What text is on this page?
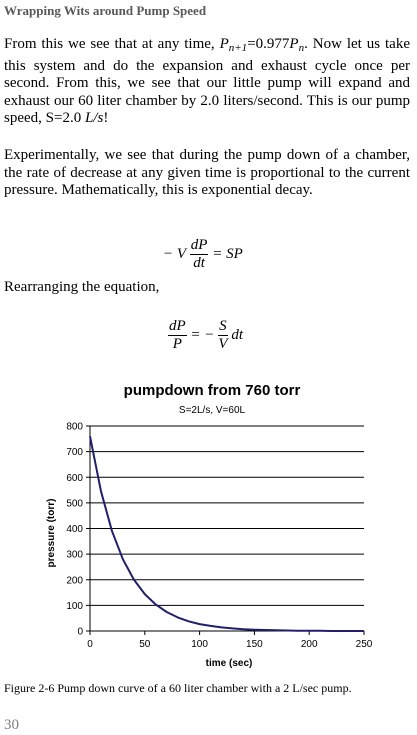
Wrapping Wits around Pump Speed
From this we see that at any time, $P_{n+1}=0.977P_n$. Now let us take this system and do the expansion and exhaust cycle once per second. From this, we see that our little pump will expand and exhaust our 60 liter chamber by 2.0 liters/second. This is our pump speed, S=2.0 L/s!
Experimentally, we see that during the pump down of a chamber, the rate of decrease at any given time is proportional to the current pressure. Mathematically, this is exponential decay.
− V $\frac{dP}{dt}$ = SP
Rearranging the equation,
$\frac{dP}{P}$ = − $\frac{S}{V}$ dt
pumpdown from 760 torr
S=2L/s, V=60L
0
100
200
300
400
500
600
700
800
0	50	100	150	200	250
time (sec)
pressure (torr)
Figure 2-6 Pump down curve of a 60 liter chamber with a 2 L/sec pump.
30
